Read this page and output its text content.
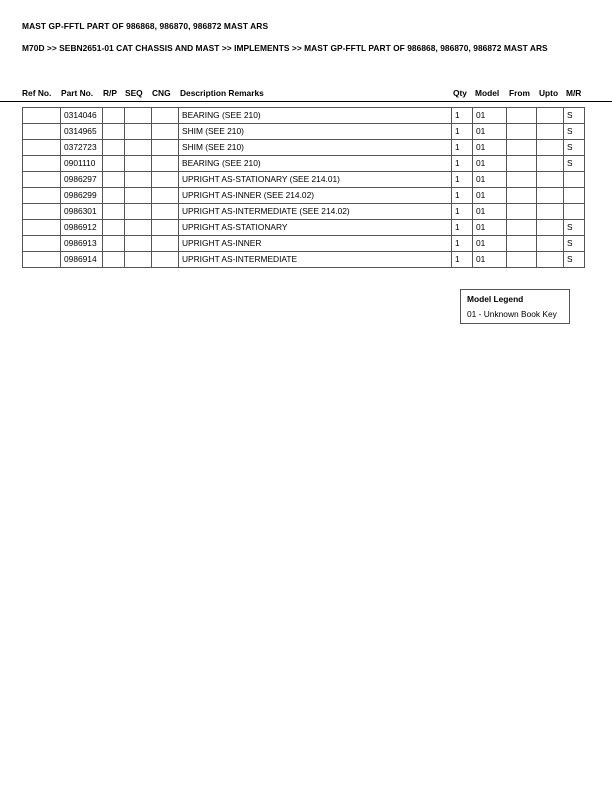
MAST GP-FFTL PART OF 986868, 986870, 986872 MAST ARS
M70D >> SEBN2651-01 CAT CHASSIS AND MAST >> IMPLEMENTS >> MAST GP-FFTL PART OF 986868, 986870, 986872 MAST ARS
Ref No. Part No. R/P SEQ CNG Description Remarks	Qty Model From Upto M/R
	0314046				BEARING (SEE 210)	1	01			S
	0314965				SHIM (SEE 210)	1	01			S
	0372723				SHIM (SEE 210)	1	01			S
	0901110				BEARING (SEE 210)	1	01			S
	0986297				UPRIGHT AS-STATIONARY (SEE 214.01)	1	01			
	0986299				UPRIGHT AS-INNER (SEE 214.02)	1	01			
	0986301				UPRIGHT AS-INTERMEDIATE (SEE 214.02)	1	01			
	0986912				UPRIGHT AS-STATIONARY	1	01			S
	0986913				UPRIGHT AS-INNER	1	01			S
	0986914				UPRIGHT AS-INTERMEDIATE	1	01			S
Model Legend
01 - Unknown Book Key
